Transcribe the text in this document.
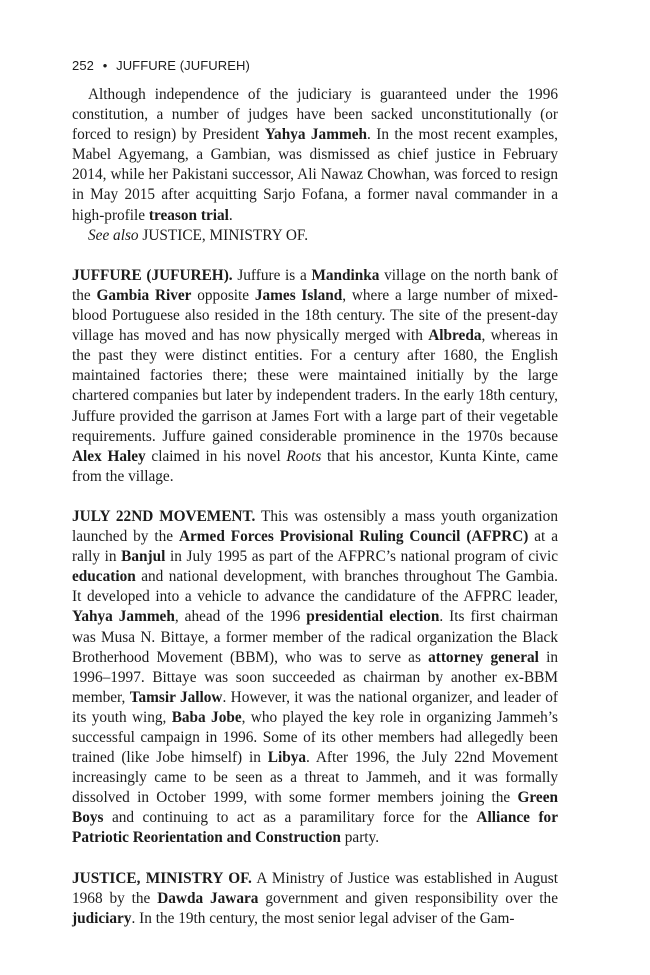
252 • JUFFURE (JUFUREH)

Although independence of the judiciary is guaranteed under the 1996 constitution, a number of judges have been sacked unconstitutionally (or forced to resign) by President Yahya Jammeh. In the most recent examples, Mabel Agyemang, a Gambian, was dismissed as chief justice in February 2014, while her Pakistani successor, Ali Nawaz Chowhan, was forced to resign in May 2015 after acquitting Sarjo Fofana, a former naval commander in a high-profile treason trial.

See also JUSTICE, MINISTRY OF.

JUFFURE (JUFUREH). Juffure is a Mandinka village on the north bank of the Gambia River opposite James Island, where a large number of mixed-blood Portuguese also resided in the 18th century. The site of the present-day village has moved and has now physically merged with Albreda, whereas in the past they were distinct entities. For a century after 1680, the English maintained factories there; these were maintained initially by the large chartered companies but later by independent traders. In the early 18th century, Juffure provided the garrison at James Fort with a large part of their vegetable requirements. Juffure gained considerable prominence in the 1970s because Alex Haley claimed in his novel Roots that his ancestor, Kunta Kinte, came from the village.

JULY 22ND MOVEMENT. This was ostensibly a mass youth organization launched by the Armed Forces Provisional Ruling Council (AFPRC) at a rally in Banjul in July 1995 as part of the AFPRC’s national program of civic education and national development, with branches throughout The Gambia. It developed into a vehicle to advance the candidature of the AFPRC leader, Yahya Jammeh, ahead of the 1996 presidential election. Its first chairman was Musa N. Bittaye, a former member of the radical organization the Black Brotherhood Movement (BBM), who was to serve as attorney general in 1996–1997. Bittaye was soon succeeded as chairman by another ex-BBM member, Tamsir Jallow. However, it was the national organizer, and leader of its youth wing, Baba Jobe, who played the key role in organizing Jammeh’s successful campaign in 1996. Some of its other members had allegedly been trained (like Jobe himself) in Libya. After 1996, the July 22nd Movement increasingly came to be seen as a threat to Jammeh, and it was formally dissolved in October 1999, with some former members joining the Green Boys and continuing to act as a paramilitary force for the Alliance for Patriotic Reorientation and Construction party.

JUSTICE, MINISTRY OF. A Ministry of Justice was established in August 1968 by the Dawda Jawara government and given responsibility over the judiciary. In the 19th century, the most senior legal adviser of the Gam-
